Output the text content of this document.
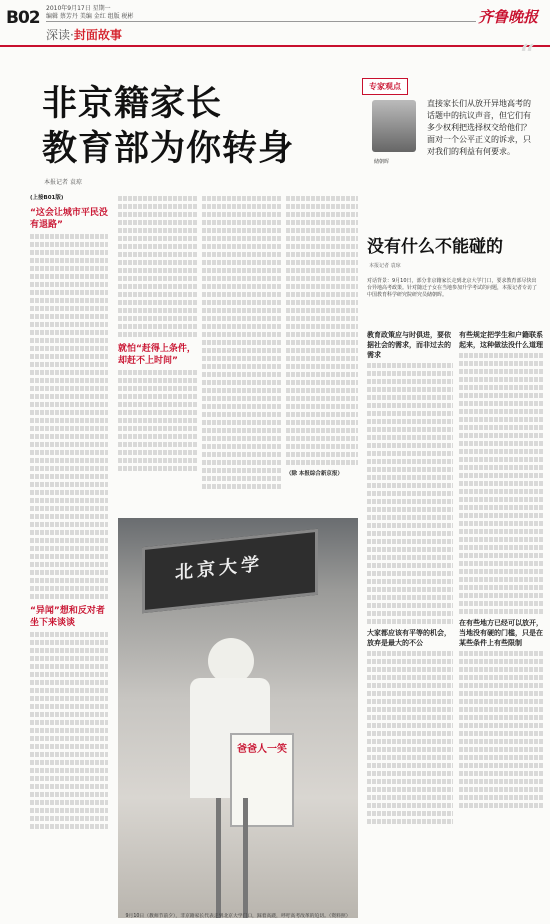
B02 2010年9月17日 星期一
编辑 蔡芳丹 美编 金红 组版 税彬
深读·封面故事
齐鲁晚报
非京籍家长
教育部为你转身
本报记者 袁琼
“
专家观点
储朝晖
直接家长们从放开异地高考的话题中的抗议声音，但它们有多少权利把选择权交给他们？面对一个公平正义的诉求，只对我们的利益有何要求。
(上接B01版)
“这会让城市平民没有退路”
“异闻”想和反对者坐下来谈谈
就怕“赶得上条件，却赶不上时间”
（除 本报综合新京报）
北京大学
爸爸人一笑
9月10日（教师节前夕），非京籍家长代表走到北京大学门口，踩着高跷，呼吁高考改革的迫切。（资料照）
没有什么不能碰的
本报记者 袁琼
对话背景：9月10日，部分非京籍家长走到北京大学门口，要求教育部尽快出台异地高考政策。针对随迁子女在当地参加升学考试的问题，本报记者专访了中国教育科学研究院研究员储朝晖。
教育政策应与时俱进，要依据社会的需求，而非过去的需求
大家都应该有平等的机会，放弃是最大的不公
有些规定把学生和户籍联系起来，这种做法没什么道理
在有些地方已经可以放开，当地没有硬的门槛，只是在某些条件上有些限制
